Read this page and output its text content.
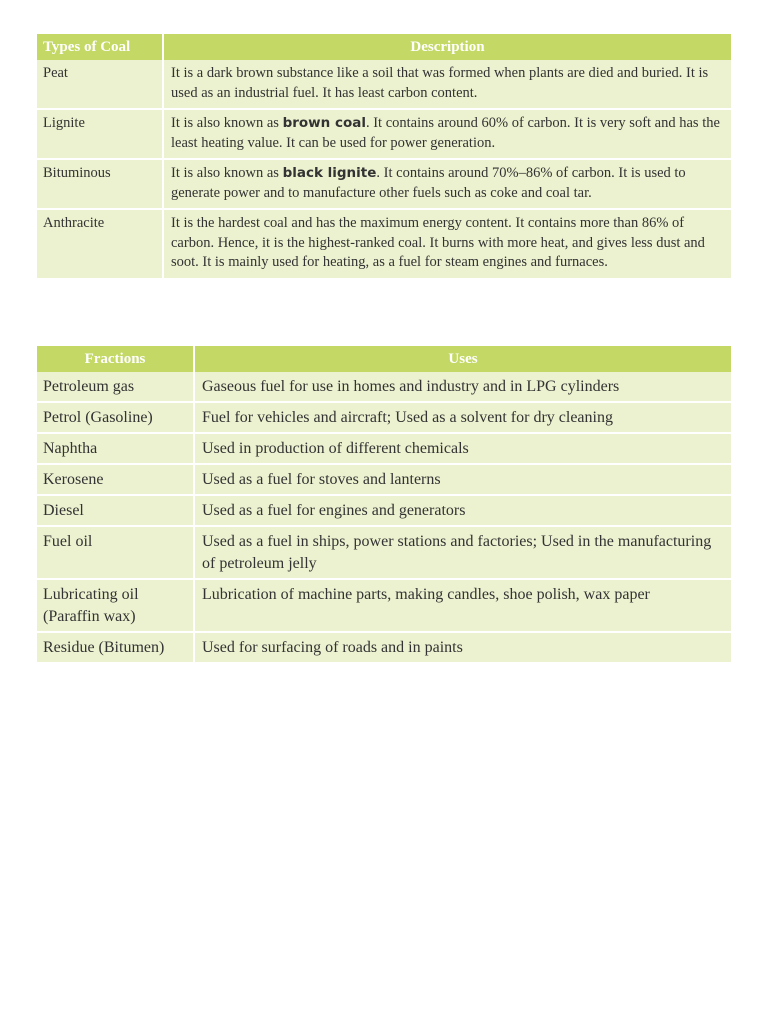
Types of Coal	Description
Peat	It is a dark brown substance like a soil that was formed when plants are died and buried. It is used as an industrial fuel. It has least carbon content.
Lignite	It is also known as brown coal. It contains around 60% of carbon. It is very soft and has the least heating value. It can be used for power generation.
Bituminous	It is also known as black lignite. It contains around 70%–86% of carbon. It is used to generate power and to manufacture other fuels such as coke and coal tar.
Anthracite	It is the hardest coal and has the maximum energy content. It contains more than 86% of carbon. Hence, it is the highest-ranked coal. It burns with more heat, and gives less dust and soot. It is mainly used for heating, as a fuel for steam engines and furnaces.
Fractions	Uses
Petroleum gas	Gaseous fuel for use in homes and industry and in LPG cylinders
Petrol (Gasoline)	Fuel for vehicles and aircraft; Used as a solvent for dry cleaning
Naphtha	Used in production of different chemicals
Kerosene	Used as a fuel for stoves and lanterns
Diesel	Used as a fuel for engines and generators
Fuel oil	Used as a fuel in ships, power stations and factories; Used in the manufacturing of petroleum jelly
Lubricating oil (Paraffin wax)	Lubrication of machine parts, making candles, shoe polish, wax paper
Residue (Bitumen)	Used for surfacing of roads and in paints
